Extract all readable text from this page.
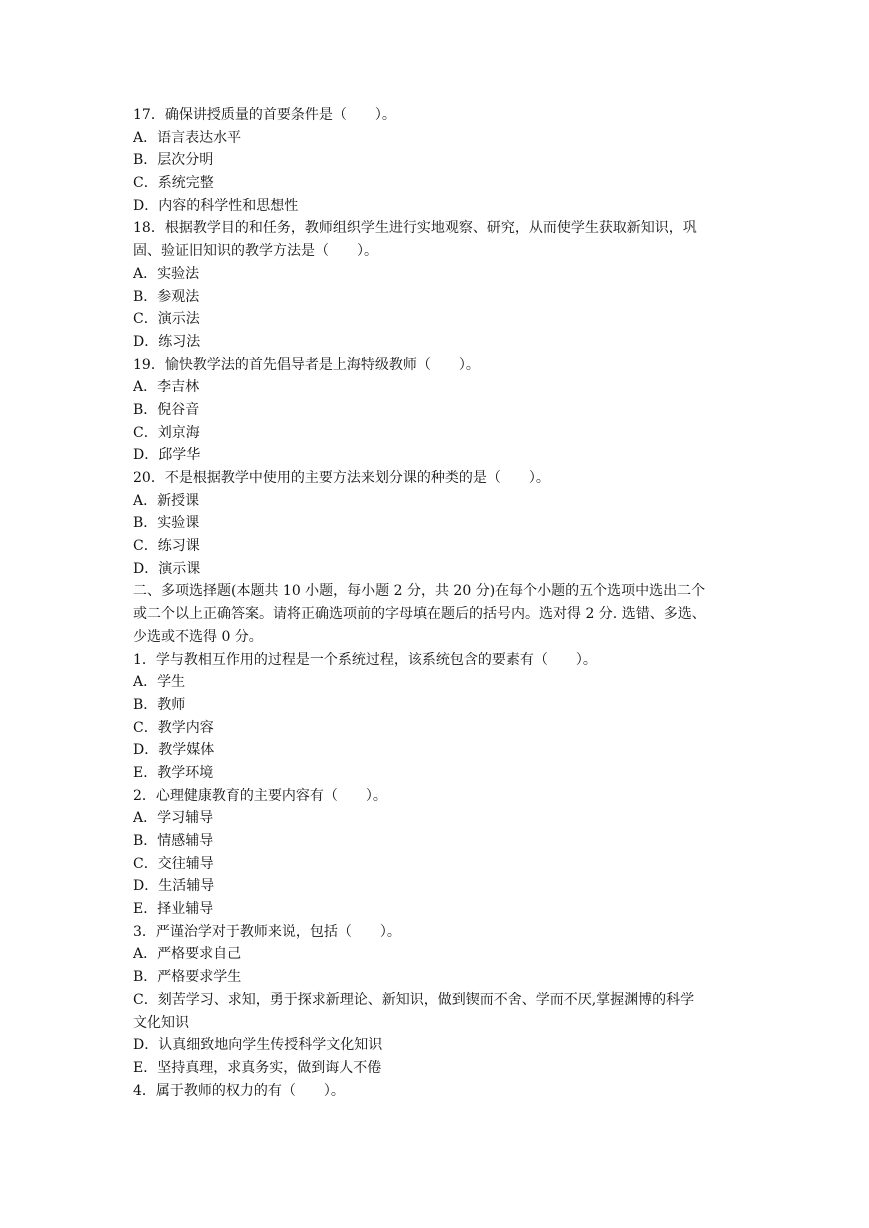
17．确保讲授质量的首要条件是（　　）。
A．语言表达水平
B．层次分明
C．系统完整
D．内容的科学性和思想性
18．根据教学目的和任务，教师组织学生进行实地观察、研究，从而使学生获取新知识，巩
固、验证旧知识的教学方法是（　　）。
A．实验法
B．参观法
C．演示法
D．练习法
19．愉快教学法的首先倡导者是上海特级教师（　　）。
A．李吉林
B．倪谷音
C．刘京海
D．邱学华
20．不是根据教学中使用的主要方法来划分课的种类的是（　　）。
A．新授课
B．实验课
C．练习课
D．演示课
二、多项选择题(本题共 10 小题，每小题 2 分，共 20 分)在每个小题的五个选项中选出二个
或二个以上正确答案。请将正确选项前的字母填在题后的括号内。选对得 2 分. 选错、多选、
少选或不选得 0 分。
1．学与教相互作用的过程是一个系统过程，该系统包含的要素有（　　）。
A．学生
B．教师
C．教学内容
D．教学媒体
E．教学环境
2．心理健康教育的主要内容有（　　）。
A．学习辅导
B．情感辅导
C．交往辅导
D．生活辅导
E．择业辅导
3．严谨治学对于教师来说，包括（　　）。
A．严格要求自己
B．严格要求学生
C．刻苦学习、求知，勇于探求新理论、新知识，做到锲而不舍、学而不厌,掌握渊博的科学
文化知识
D．认真细致地向学生传授科学文化知识
E．坚持真理，求真务实，做到诲人不倦
4．属于教师的权力的有（　　）。
